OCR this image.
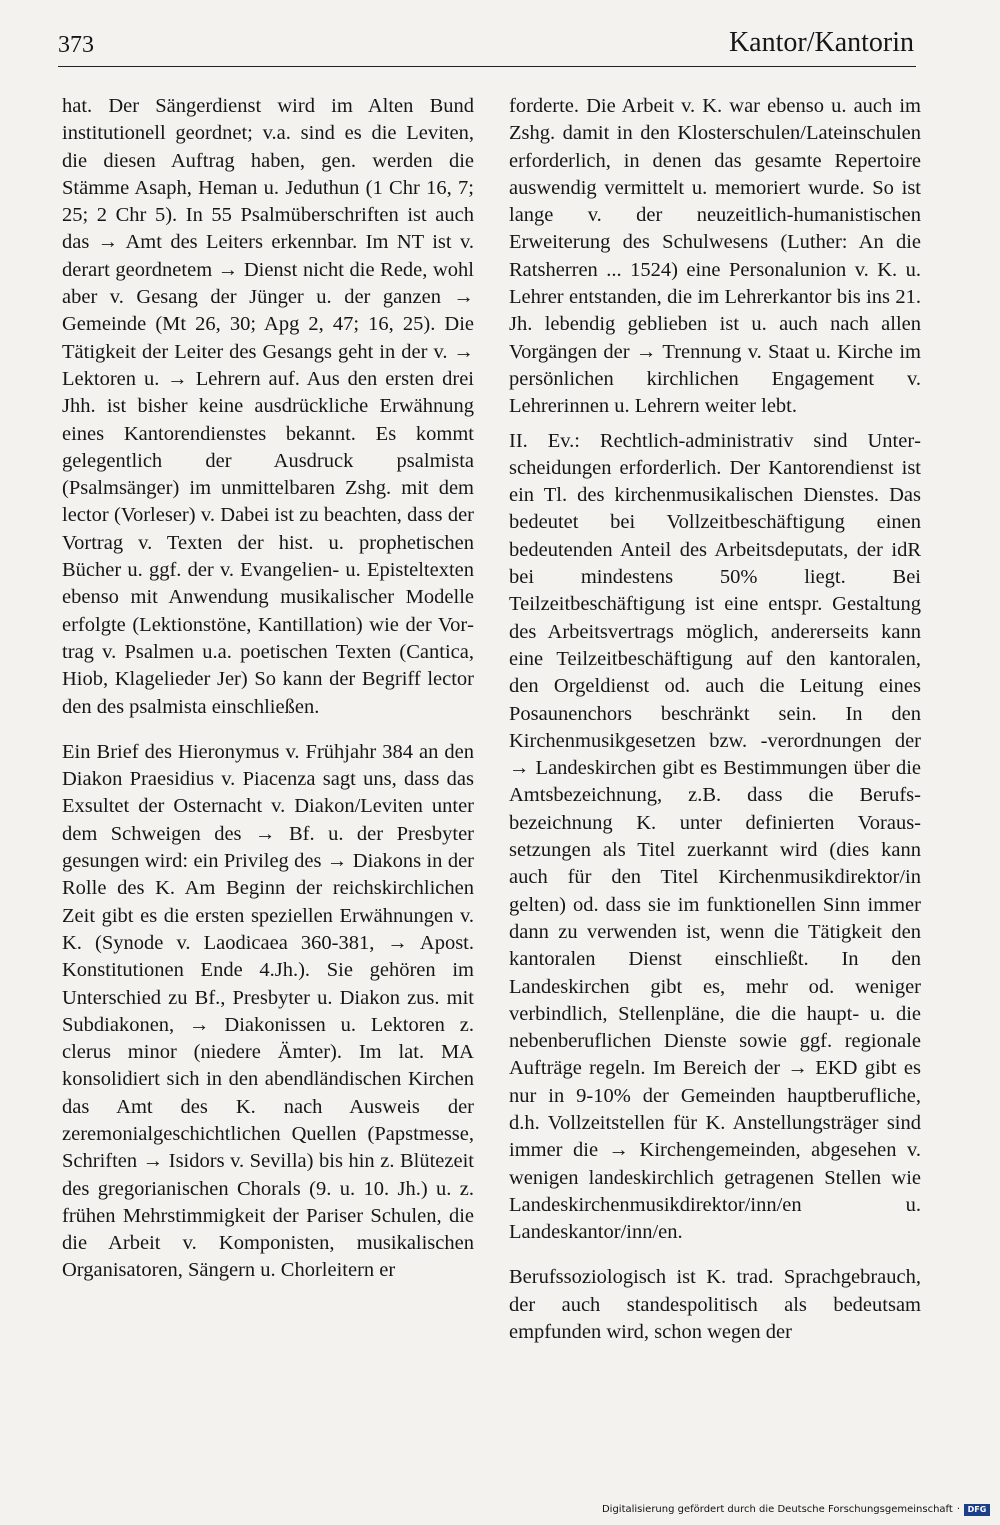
373	Kantor/Kantorin

hat. Der Sängerdienst wird im Alten Bund institutionell geordnet; v.a. sind es die Leviten, die diesen Auftrag haben, gen. werden die Stämme Asaph, Heman u. Jeduthun (1 Chr 16, 7; 25; 2 Chr 5). In 55 Psalmüberschriften ist auch das → Amt des Leiters erkennbar. Im NT ist v. derart geordnetem → Dienst nicht die Rede, wohl aber v. Gesang der Jünger u. der ganzen → Gemeinde (Mt 26, 30; Apg 2, 47; 16, 25). Die Tätigkeit der Leiter des Gesangs geht in der v. → Lektoren u. → Lehrern auf. Aus den ersten drei Jhh. ist bisher keine ausdrückliche Erwähnung eines Kantorendienstes bekannt. Es kommt gelegentlich der Ausdruck psalmista (Psalmsänger) im unmittelbaren Zshg. mit dem lector (Vorleser) v. Dabei ist zu beachten, dass der Vortrag v. Texten der hist. u. prophetischen Bücher u. ggf. der v. Evangelien- u. Episteltexten ebenso mit Anwendung musikalischer Modelle erfolgte (Lektionstöne, Kantillation) wie der Vortrag v. Psalmen u.a. poetischen Texten (Cantica, Hiob, Klagelieder Jer) So kann der Begriff lector den des psalmista einschließen.

Ein Brief des Hieronymus v. Frühjahr 384 an den Diakon Praesidius v. Piacenza sagt uns, dass das Exsultet der Osternacht v. Diakon/Leviten unter dem Schweigen des → Bf. u. der Presbyter gesungen wird: ein Privileg des → Diakons in der Rolle des K. Am Beginn der reichskirchlichen Zeit gibt es die ersten speziellen Erwähnungen v. K. (Synode v. Laodicaea 360-381, → Apost. Konstitutionen Ende 4.Jh.). Sie gehören im Unterschied zu Bf., Presbyter u. Diakon zus. mit Subdiakonen, → Diakonissen u. Lektoren z. clerus minor (niedere Ämter). Im lat. MA konsolidiert sich in den abendländischen Kirchen das Amt des K. nach Ausweis der zeremonialgeschichtlichen Quellen (Papstmesse, Schriften → Isidors v. Sevilla) bis hin z. Blütezeit des gregorianischen Chorals (9. u. 10. Jh.) u. z. frühen Mehrstimmigkeit der Pariser Schulen, die die Arbeit v. Komponisten, musikalischen Organisatoren, Sängern u. Chorleitern er

forderte. Die Arbeit v. K. war ebenso u. auch im Zshg. damit in den Klosterschulen/Lateinschulen erforderlich, in denen das gesamte Repertoire auswendig vermittelt u. memoriert wurde. So ist lange v. der neuzeitlich-humanistischen Erweiterung des Schulwesens (Luther: An die Ratsherren ... 1524) eine Personalunion v. K. u. Lehrer entstanden, die im Lehrerkantor bis ins 21. Jh. lebendig geblieben ist u. auch nach allen Vorgängen der → Trennung v. Staat u. Kirche im persönlichen kirchlichen Engagement v. Lehrerinnen u. Lehrern weiter lebt.

II. Ev.: Rechtlich-administrativ sind Unterscheidungen erforderlich. Der Kantorendienst ist ein Tl. des kirchenmusikalischen Dienstes. Das bedeutet bei Vollzeitbeschäftigung einen bedeutenden Anteil des Arbeitsdeputats, der idR bei mindestens 50% liegt. Bei Teilzeitbeschäftigung ist eine entspr. Gestaltung des Arbeitsvertrags möglich, andererseits kann eine Teilzeitbeschäftigung auf den kantoralen, den Orgeldienst od. auch die Leitung eines Posaunenchors beschränkt sein. In den Kirchenmusikgesetzen bzw. -verordnungen der → Landeskirchen gibt es Bestimmungen über die Amtsbezeichnung, z.B. dass die Berufsbezeichnung K. unter definierten Voraussetzungen als Titel zuerkannt wird (dies kann auch für den Titel Kirchenmusikdirektor/in gelten) od. dass sie im funktionellen Sinn immer dann zu verwenden ist, wenn die Tätigkeit den kantoralen Dienst einschließt. In den Landeskirchen gibt es, mehr od. weniger verbindlich, Stellenpläne, die die haupt- u. die nebenberuflichen Dienste sowie ggf. regionale Aufträge regeln. Im Bereich der → EKD gibt es nur in 9-10% der Gemeinden hauptberufliche, d.h. Vollzeitstellen für K. Anstellungsträger sind immer die → Kirchengemeinden, abgesehen v. wenigen landeskirchlich getragenen Stellen wie Landeskirchenmusikdirektor/inn/en u. Landeskantor/inn/en.

Berufssoziologisch ist K. trad. Sprachgebrauch, der auch standespolitisch als bedeutsam empfunden wird, schon wegen der

Digitalisierung gefördert durch die Deutsche Forschungsgemeinschaft · DFG
